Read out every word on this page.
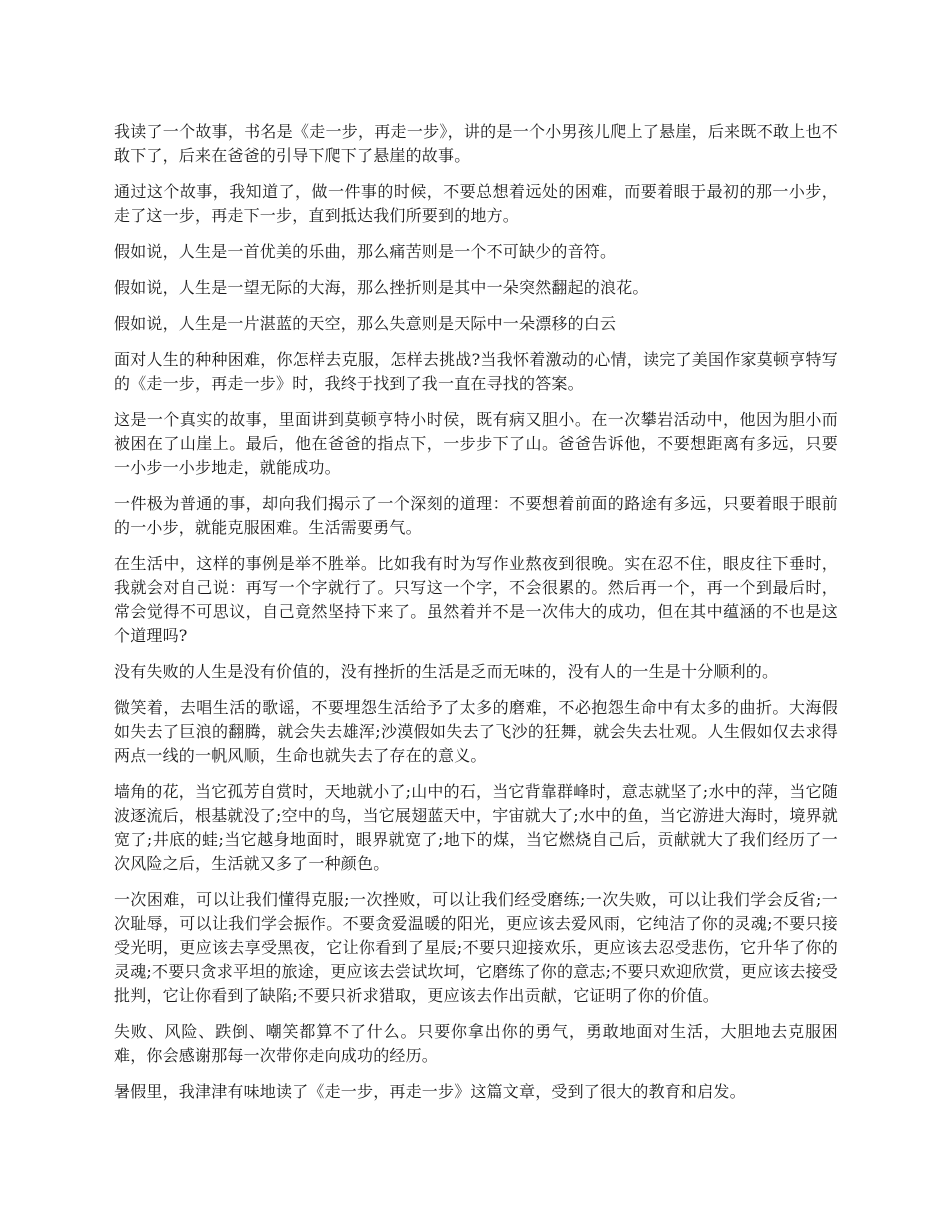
我读了一个故事，书名是《走一步，再走一步》，讲的是一个小男孩儿爬上了悬崖，后来既不敢上也不敢下了，后来在爸爸的引导下爬下了悬崖的故事。

通过这个故事，我知道了，做一件事的时候，不要总想着远处的困难，而要着眼于最初的那一小步，走了这一步，再走下一步，直到抵达我们所要到的地方。

假如说，人生是一首优美的乐曲，那么痛苦则是一个不可缺少的音符。

假如说，人生是一望无际的大海，那么挫折则是其中一朵突然翻起的浪花。

假如说，人生是一片湛蓝的天空，那么失意则是天际中一朵漂移的白云

面对人生的种种困难，你怎样去克服，怎样去挑战?当我怀着激动的心情，读完了美国作家莫顿亨特写的《走一步，再走一步》时，我终于找到了我一直在寻找的答案。

这是一个真实的故事，里面讲到莫顿亨特小时侯，既有病又胆小。在一次攀岩活动中，他因为胆小而被困在了山崖上。最后，他在爸爸的指点下，一步步下了山。爸爸告诉他，不要想距离有多远，只要一小步一小步地走，就能成功。

一件极为普通的事，却向我们揭示了一个深刻的道理：不要想着前面的路途有多远，只要着眼于眼前的一小步，就能克服困难。生活需要勇气。

在生活中，这样的事例是举不胜举。比如我有时为写作业熬夜到很晚。实在忍不住，眼皮往下垂时，我就会对自己说：再写一个字就行了。只写这一个字，不会很累的。然后再一个，再一个到最后时，常会觉得不可思议，自己竟然坚持下来了。虽然着并不是一次伟大的成功，但在其中蕴涵的不也是这个道理吗?

没有失败的人生是没有价值的，没有挫折的生活是乏而无味的，没有人的一生是十分顺利的。

微笑着，去唱生活的歌谣，不要埋怨生活给予了太多的磨难，不必抱怨生命中有太多的曲折。大海假如失去了巨浪的翻腾，就会失去雄浑;沙漠假如失去了飞沙的狂舞，就会失去壮观。人生假如仅去求得两点一线的一帆风顺，生命也就失去了存在的意义。

墙角的花，当它孤芳自赏时，天地就小了;山中的石，当它背靠群峰时，意志就坚了;水中的萍，当它随波逐流后，根基就没了;空中的鸟，当它展翅蓝天中，宇宙就大了;水中的鱼，当它游进大海时，境界就宽了;井底的蛙;当它越身地面时，眼界就宽了;地下的煤，当它燃烧自己后，贡献就大了我们经历了一次风险之后，生活就又多了一种颜色。

一次困难，可以让我们懂得克服;一次挫败，可以让我们经受磨练;一次失败，可以让我们学会反省;一次耻辱，可以让我们学会振作。不要贪爱温暖的阳光，更应该去爱风雨，它纯洁了你的灵魂;不要只接受光明，更应该去享受黑夜，它让你看到了星辰;不要只迎接欢乐，更应该去忍受悲伤，它升华了你的灵魂;不要只贪求平坦的旅途，更应该去尝试坎坷，它磨练了你的意志;不要只欢迎欣赏，更应该去接受批判，它让你看到了缺陷;不要只祈求猎取，更应该去作出贡献，它证明了你的价值。

失败、风险、跌倒、嘲笑都算不了什么。只要你拿出你的勇气，勇敢地面对生活，大胆地去克服困难，你会感谢那每一次带你走向成功的经历。

暑假里，我津津有味地读了《走一步，再走一步》这篇文章，受到了很大的教育和启发。
